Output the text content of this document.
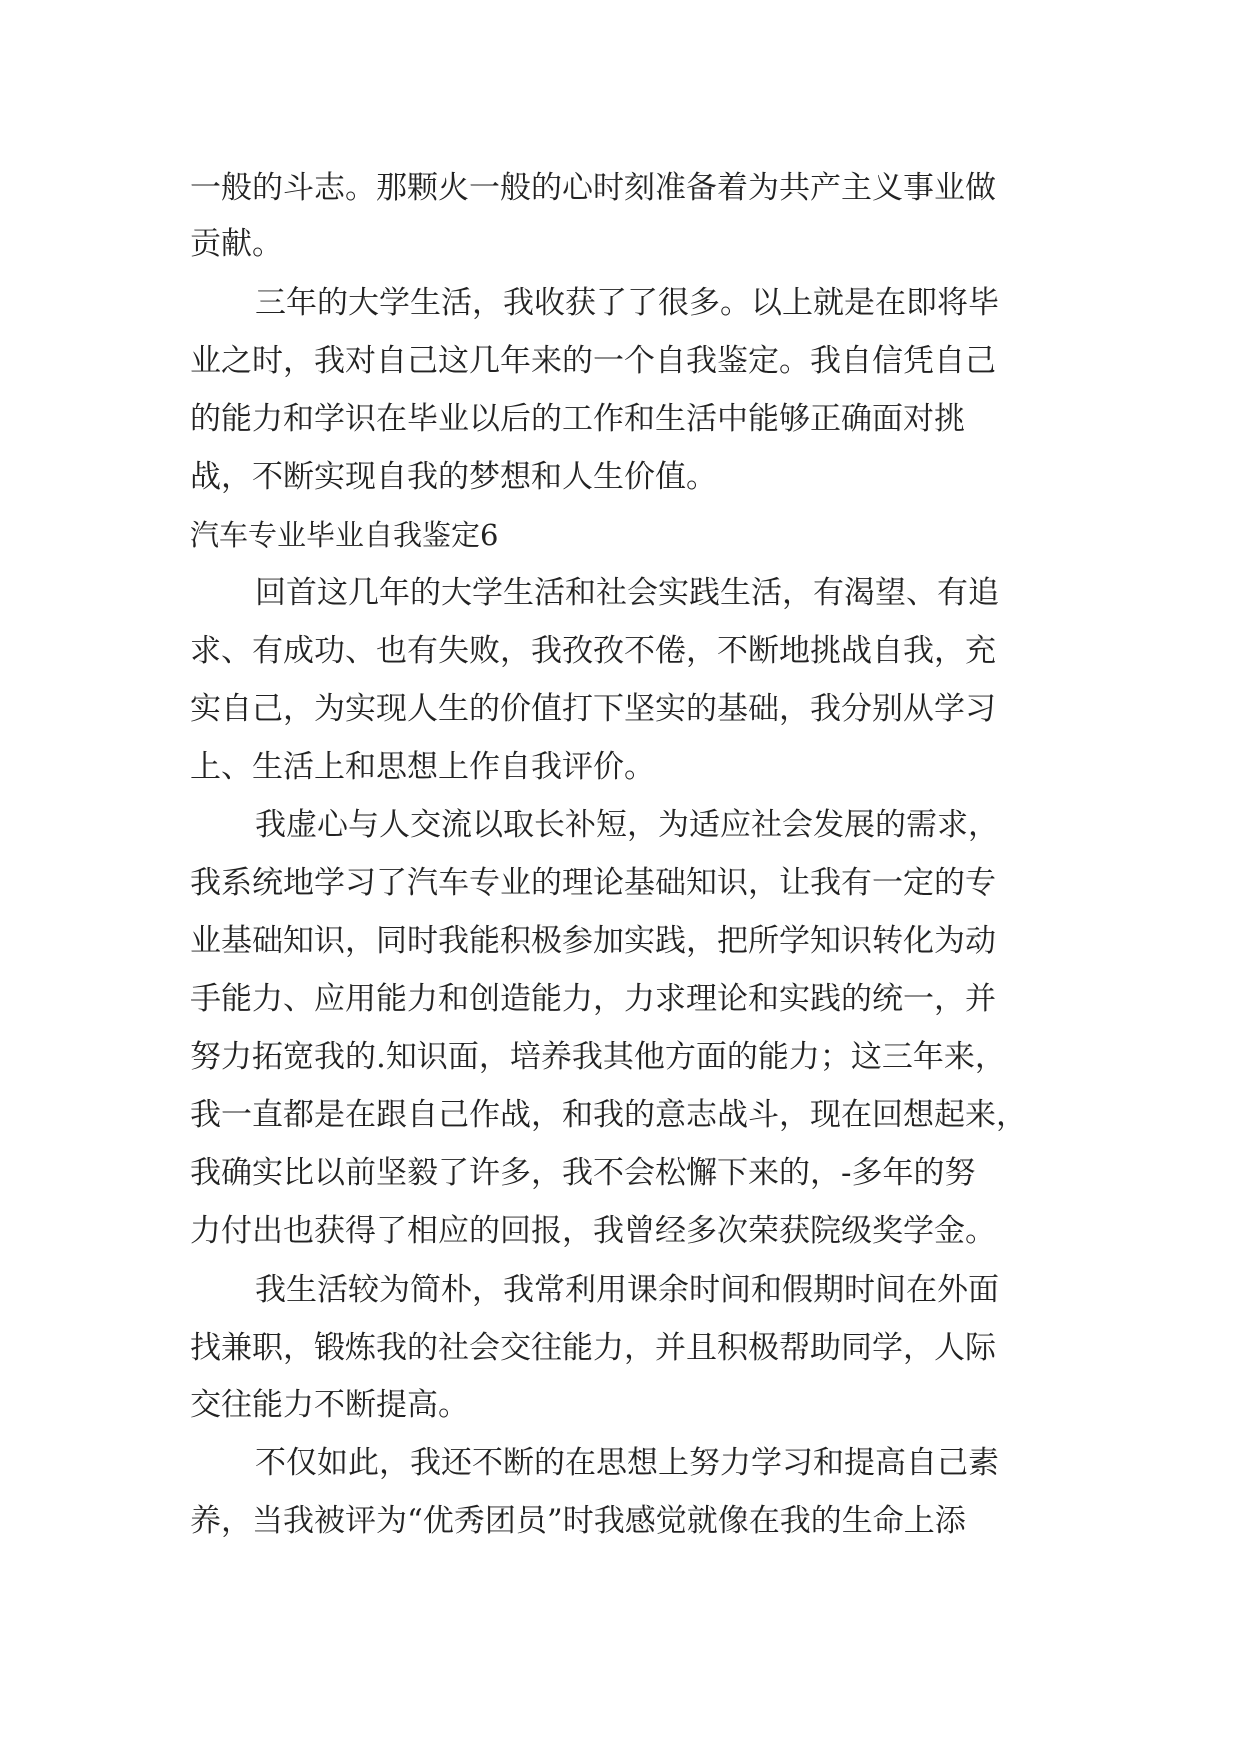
一般的斗志。那颗火一般的心时刻准备着为共产主义事业做
贡献。
三年的大学生活，我收获了了很多。以上就是在即将毕
业之时，我对自己这几年来的一个自我鉴定。我自信凭自己
的能力和学识在毕业以后的工作和生活中能够正确面对挑
战，不断实现自我的梦想和人生价值。
汽车专业毕业自我鉴定6
回首这几年的大学生活和社会实践生活，有渴望、有追
求、有成功、也有失败，我孜孜不倦，不断地挑战自我，充
实自己，为实现人生的价值打下坚实的基础，我分别从学习
上、生活上和思想上作自我评价。
我虚心与人交流以取长补短，为适应社会发展的需求，
我系统地学习了汽车专业的理论基础知识，让我有一定的专
业基础知识，同时我能积极参加实践，把所学知识转化为动
手能力、应用能力和创造能力，力求理论和实践的统一，并
努力拓宽我的.知识面，培养我其他方面的能力；这三年来，
我一直都是在跟自己作战，和我的意志战斗，现在回想起来，
我确实比以前坚毅了许多，我不会松懈下来的，-多年的努
力付出也获得了相应的回报，我曾经多次荣获院级奖学金。
我生活较为简朴，我常利用课余时间和假期时间在外面
找兼职，锻炼我的社会交往能力，并且积极帮助同学，人际
交往能力不断提高。
不仅如此，我还不断的在思想上努力学习和提高自己素
养，当我被评为“优秀团员”时我感觉就像在我的生命上添
